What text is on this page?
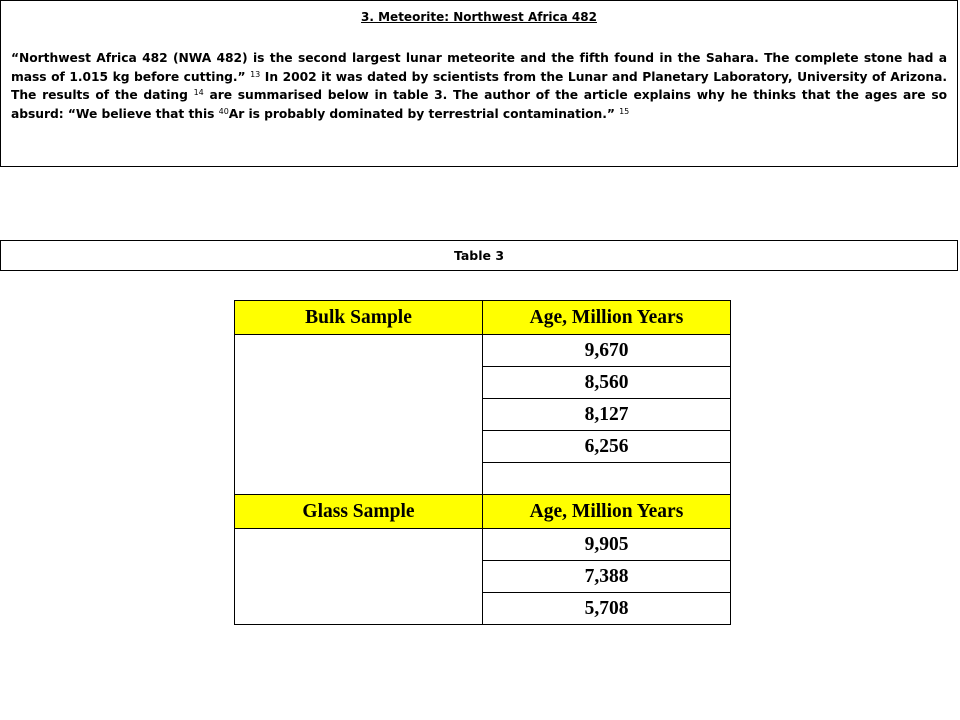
3. Meteorite: Northwest Africa 482
“Northwest Africa 482 (NWA 482) is the second largest lunar meteorite and the fifth found in the Sahara. The complete stone had a mass of 1.015 kg before cutting.” $^{13}$ In 2002 it was dated by scientists from the Lunar and Planetary Laboratory, University of Arizona. The results of the dating $^{14}$ are summarised below in table 3. The author of the article explains why he thinks that the ages are so absurd: “We believe that this $^{40}$Ar is probably dominated by terrestrial contamination.” $^{15}$
Table 3
Bulk Sample	Age, Million Years
	9,670
	8,560
	8,127
	6,256

Glass Sample	Age, Million Years
	9,905
	7,388
	5,708
